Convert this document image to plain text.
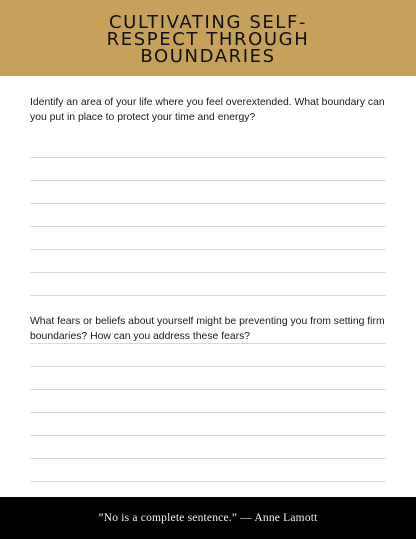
CULTIVATING SELF-RESPECT THROUGH BOUNDARIES
Identify an area of your life where you feel overextended. What boundary can you put in place to protect your time and energy?
What fears or beliefs about yourself might be preventing you from setting firm boundaries? How can you address these fears?
”No is a complete sentence.” — Anne Lamott
